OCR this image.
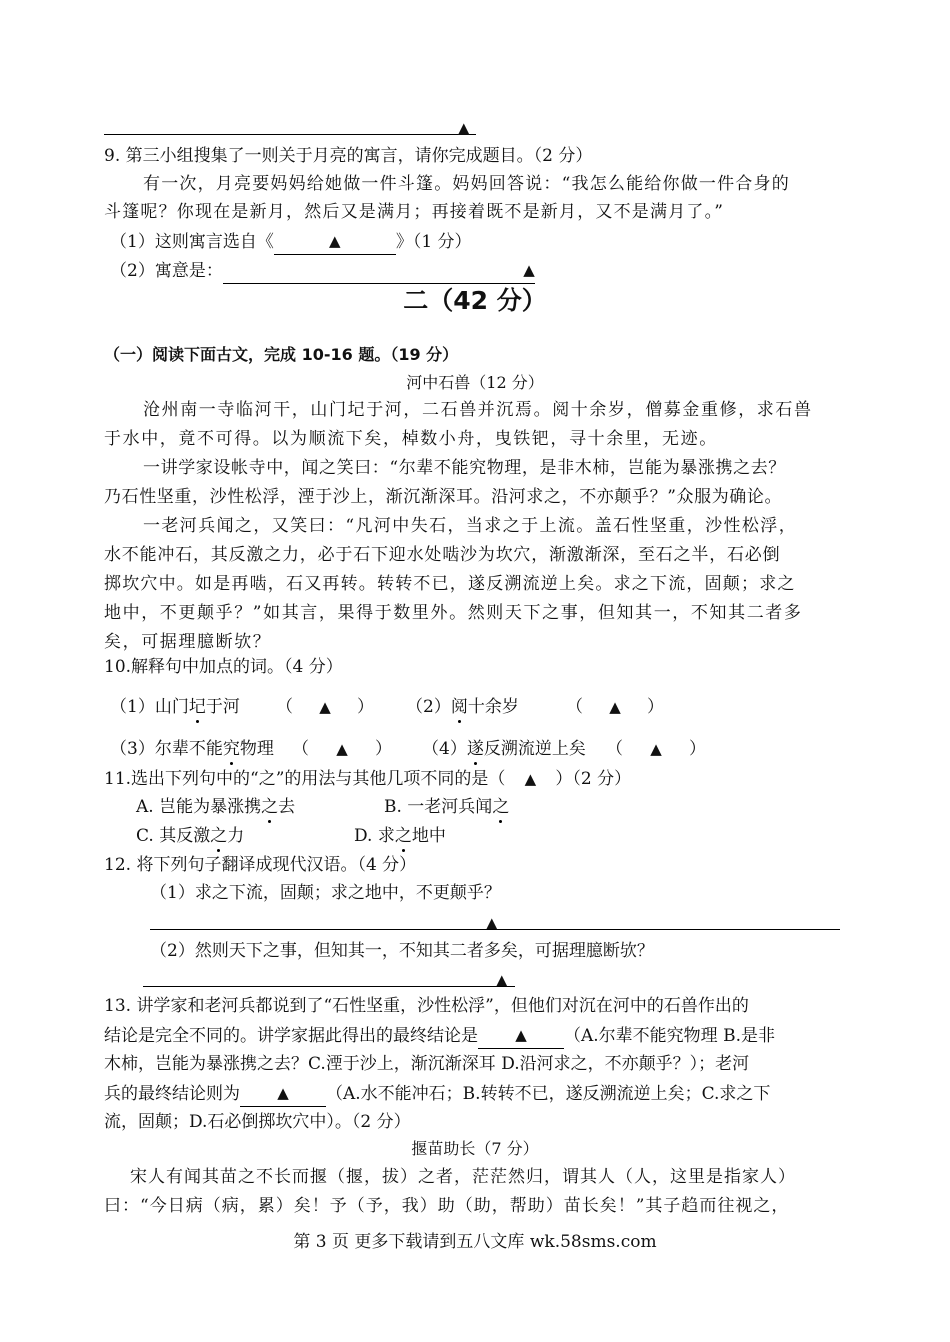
▲
9. 第三小组搜集了一则关于月亮的寓言，请你完成题目。（2 分）
有一次，月亮要妈妈给她做一件斗篷。妈妈回答说：“我怎么能给你做一件合身的
斗篷呢？你现在是新月，然后又是满月；再接着既不是新月，又不是满月了。”
（1）这则寓言选自《	▲	》（1 分）
（2）寓意是：	▲
二（42 分）
（一）阅读下面古文，完成 10-16 题。（19 分）
河中石兽（12 分）
沧州南一寺临河干，山门圮于河，二石兽并沉焉。阅十余岁，僧募金重修，求石兽
于水中，竟不可得。以为顺流下矣，棹数小舟，曳铁钯，寻十余里，无迹。
一讲学家设帐寺中，闻之笑曰：“尔辈不能究物理，是非木柿，岂能为暴涨携之去？
乃石性坚重，沙性松浮，湮于沙上，渐沉渐深耳。沿河求之，不亦颠乎？”众服为确论。
一老河兵闻之，又笑曰：“凡河中失石，当求之于上流。盖石性坚重，沙性松浮，
水不能冲石，其反激之力，必于石下迎水处啮沙为坎穴，渐激渐深，至石之半，石必倒
掷坎穴中。如是再啮，石又再转。转转不已，遂反溯流逆上矣。求之下流，固颠；求之
地中，不更颠乎？”如其言，果得于数里外。然则天下之事，但知其一，不知其二者多
矣，可据理臆断欤？
10.解释句中加点的词。（4 分）
（1）山门圮于河 （ ▲ ） （2）阅十余岁	（ ▲ ）
（3）尔辈不能究物理 （ ▲ ） （4）遂反溯流逆上矣 （ ▲ ）
11.选出下列句中的“之”的用法与其他几项不同的是（ ▲ ）（2 分）
A. 岂能为暴涨携之去	B. 一老河兵闻之
C. 其反激之力	D. 求之地中
12. 将下列句子翻译成现代汉语。（4 分）
（1）求之下流，固颠；求之地中，不更颠乎？
▲
（2）然则天下之事，但知其一，不知其二者多矣，可据理臆断欤？
▲
13. 讲学家和老河兵都说到了“石性坚重，沙性松浮”，但他们对沉在河中的石兽作出的
结论是完全不同的。讲学家据此得出的最终结论是 ▲ （A.尔辈不能究物理 B.是非
木柿，岂能为暴涨携之去？C.湮于沙上，渐沉渐深耳 D.沿河求之，不亦颠乎？）；老河
兵的最终结论则为 ▲ （A.水不能冲石；B.转转不已，遂反溯流逆上矣；C.求之下
流，固颠；D.石必倒掷坎穴中）。（2 分）
揠苗助长（7 分）
宋人有闻其苗之不长而揠（揠，拔）之者，茫茫然归，谓其人（人，这里是指家人）
曰：“今日病（病，累）矣！予（予，我）助（助，帮助）苗长矣！”其子趋而往视之，
第 3 页 更多下载请到五八文库 wk.58sms.com
